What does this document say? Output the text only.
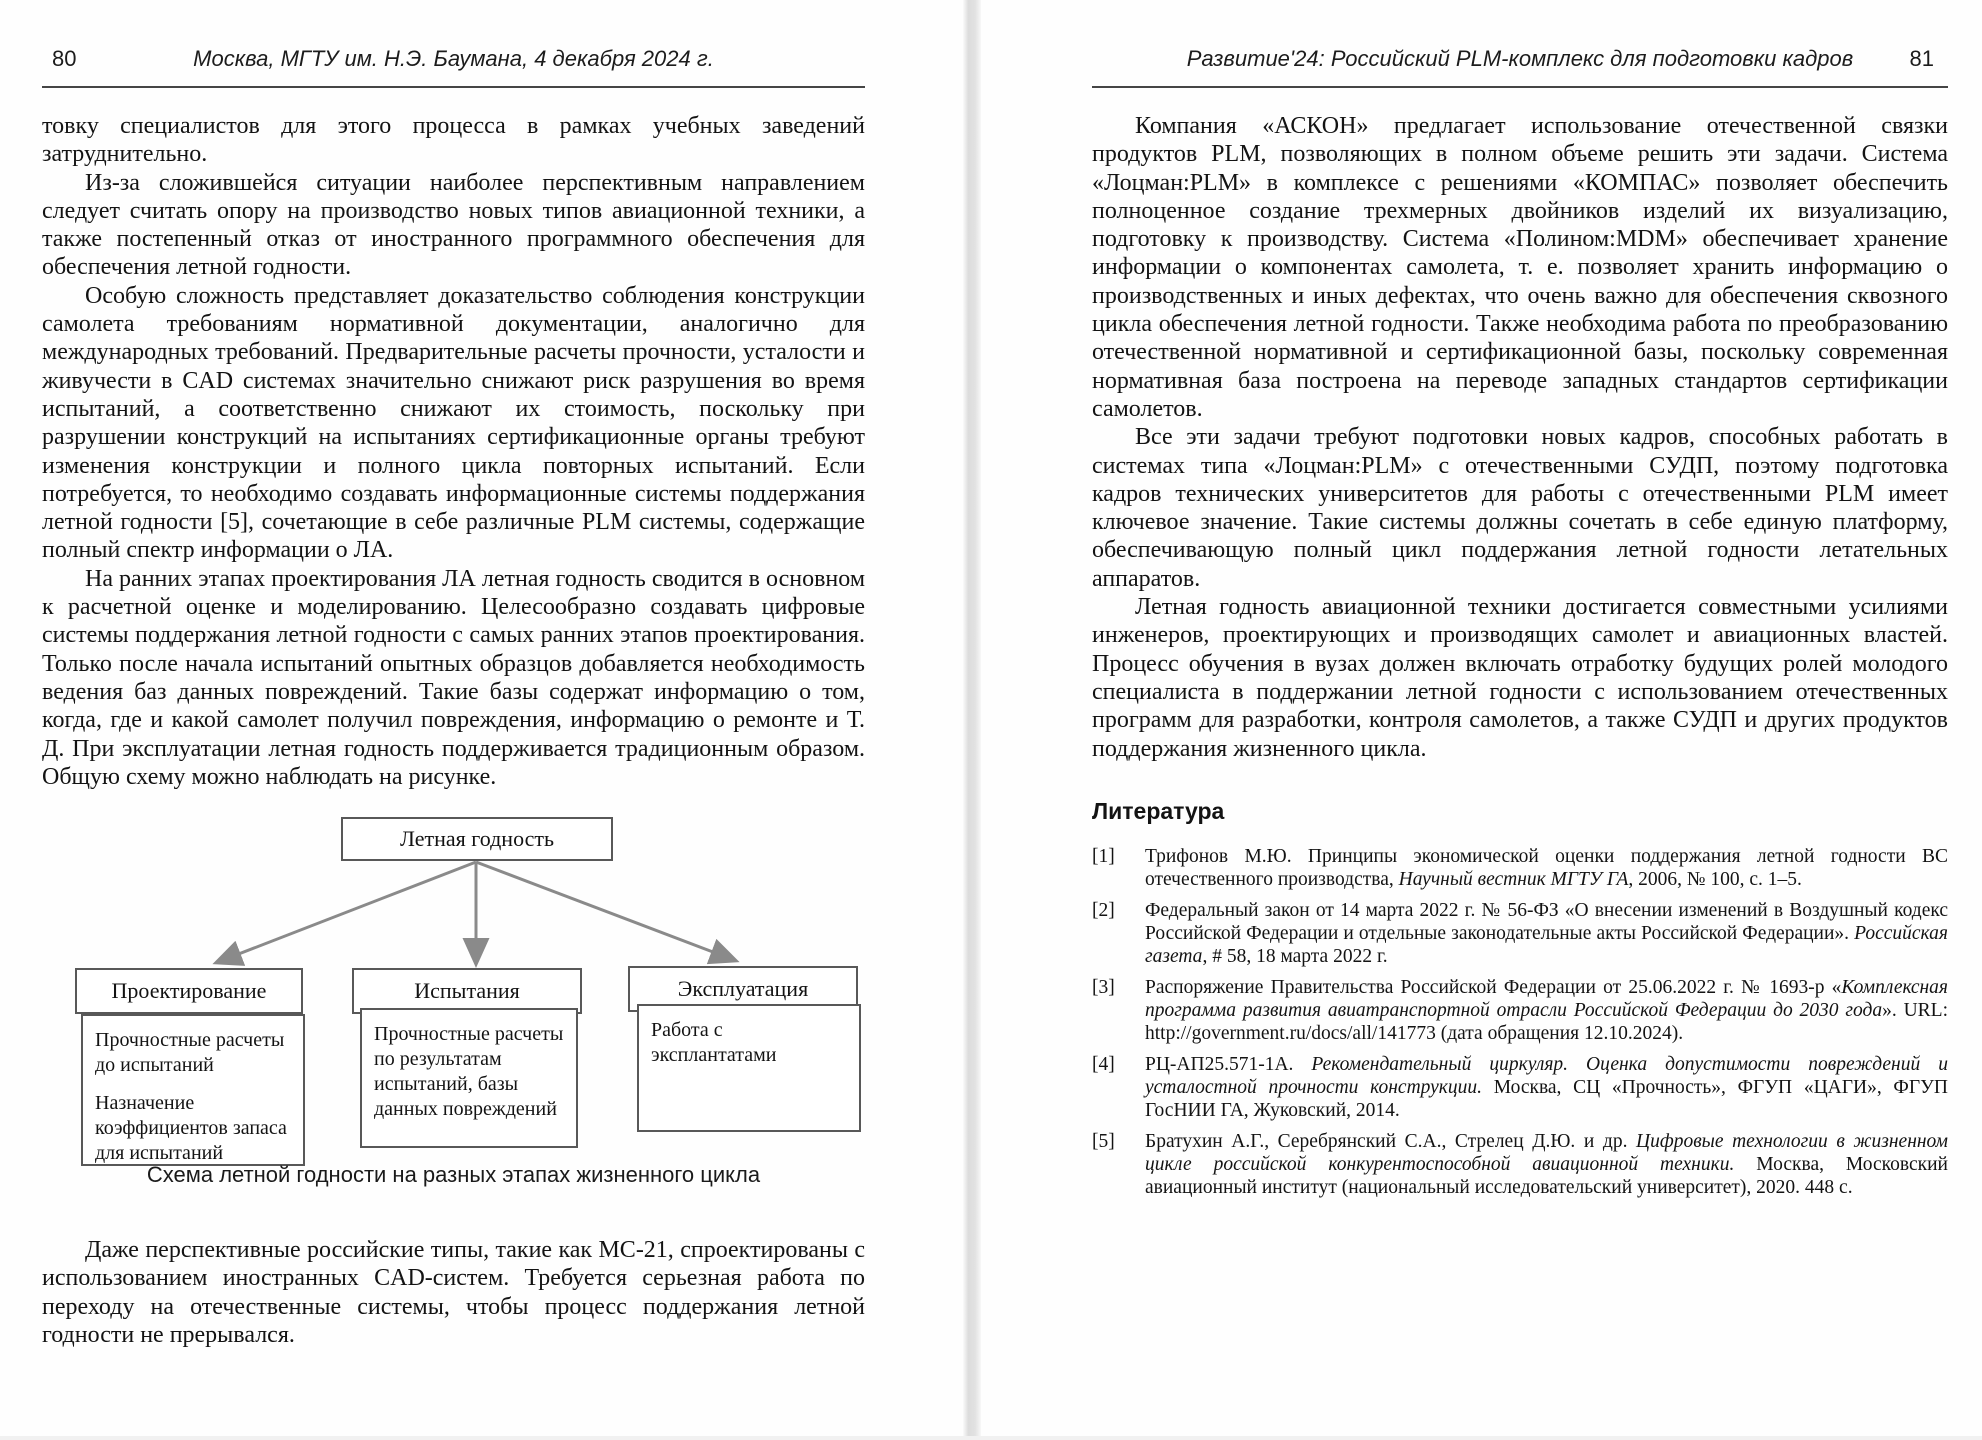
80	Москва, МГТУ им. Н.Э. Баумана, 4 декабря 2024 г.

товку специалистов для этого процесса в рамках учебных заведений затруднительно.

Из-за сложившейся ситуации наиболее перспективным направлением следует считать опору на производство новых типов авиационной техники, а также постепенный отказ от иностранного программного обеспечения для обеспечения летной годности.

Особую сложность представляет доказательство соблюдения конструкции самолета требованиям нормативной документации, аналогично для международных требований. Предварительные расчеты прочности, усталости и живучести в CAD системах значительно снижают риск разрушения во время испытаний, а соответственно снижают их стоимость, поскольку при разрушении конструкций на испытаниях сертификационные органы требуют изменения конструкции и полного цикла повторных испытаний. Если потребуется, то необходимо создавать информационные системы поддержания летной годности [5], сочетающие в себе различные PLM системы, содержащие полный спектр информации о ЛА.

На ранних этапах проектирования ЛА летная годность сводится в основном к расчетной оценке и моделированию. Целесообразно создавать цифровые системы поддержания летной годности с самых ранних этапов проектирования. Только после начала испытаний опытных образцов добавляется необходимость ведения баз данных повреждений. Такие базы содержат информацию о том, когда, где и какой самолет получил повреждения, информацию о ремонте и Т. Д. При эксплуатации летная годность поддерживается традиционным образом. Общую схему можно наблюдать на рисунке.

Летная годность
Проектирование	Испытания	Эксплуатация

Прочностные расчеты до испытаний

Назначение коэффициентов запаса для испытаний

Прочностные расчеты по результатам испытаний, базы данных повреждений

Работа с эксплантатами

Схема летной годности на разных этапах жизненного цикла

Даже перспективные российские типы, такие как МС-21, спроектированы с использованием иностранных CAD-систем. Требуется серьезная работа по переходу на отечественные системы, чтобы процесс поддержания летной годности не прерывался.

81
Развитие'24: Российский PLM-комплекс для подготовки кадров

Компания «АСКОН» предлагает использование отечественной связки продуктов PLM, позволяющих в полном объеме решить эти задачи. Система «Лоцман:PLM» в комплексе с решениями «КОМПАС» позволяет обеспечить полноценное создание трехмерных двойников изделий их визуализацию, подготовку к производству. Система «Полином:MDM» обеспечивает хранение информации о компонентах самолета, т. е. позволяет хранить информацию о производственных и иных дефектах, что очень важно для обеспечения сквозного цикла обеспечения летной годности. Также необходима работа по преобразованию отечественной нормативной и сертификационной базы, поскольку современная нормативная база построена на переводе западных стандартов сертификации самолетов.

Все эти задачи требуют подготовки новых кадров, способных работать в системах типа «Лоцман:PLM» с отечественными СУДП, поэтому подготовка кадров технических университетов для работы с отечественными PLM имеет ключевое значение. Такие системы должны сочетать в себе единую платформу, обеспечивающую полный цикл поддержания летной годности летательных аппаратов.

Летная годность авиационной техники достигается совместными усилиями инженеров, проектирующих и производящих самолет и авиационных властей. Процесс обучения в вузах должен включать отработку будущих ролей молодого специалиста в поддержании летной годности с использованием отечественных программ для разработки, контроля самолетов, а также СУДП и других продуктов поддержания жизненного цикла.

Литература

[1] Трифонов М.Ю. Принципы экономической оценки поддержания летной годности ВС отечественного производства, Научный вестник МГТУ ГА, 2006, № 100, с. 1–5.
[2] Федеральный закон от 14 марта 2022 г. № 56-ФЗ «О внесении изменений в Воздушный кодекс Российской Федерации и отдельные законодательные акты Российской Федерации». Российская газета, # 58, 18 марта 2022 г.
[3] Распоряжение Правительства Российской Федерации от 25.06.2022 г. № 1693-р «Комплексная программа развития авиатранспортной отрасли Российской Федерации до 2030 года». URL: http://government.ru/docs/all/141773 (дата обращения 12.10.2024).
[4] РЦ-АП25.571-1А. Рекомендательный циркуляр. Оценка допустимости повреждений и усталостной прочности конструкции. Москва, СЦ «Прочность», ФГУП «ЦАГИ», ФГУП ГосНИИ ГА, Жуковский, 2014.
[5] Братухин А.Г., Серебрянский С.А., Стрелец Д.Ю. и др. Цифровые технологии в жизненном цикле российской конкурентоспособной авиационной техники. Москва, Московский авиационный институт (национальный исследовательский университет), 2020. 448 с.
